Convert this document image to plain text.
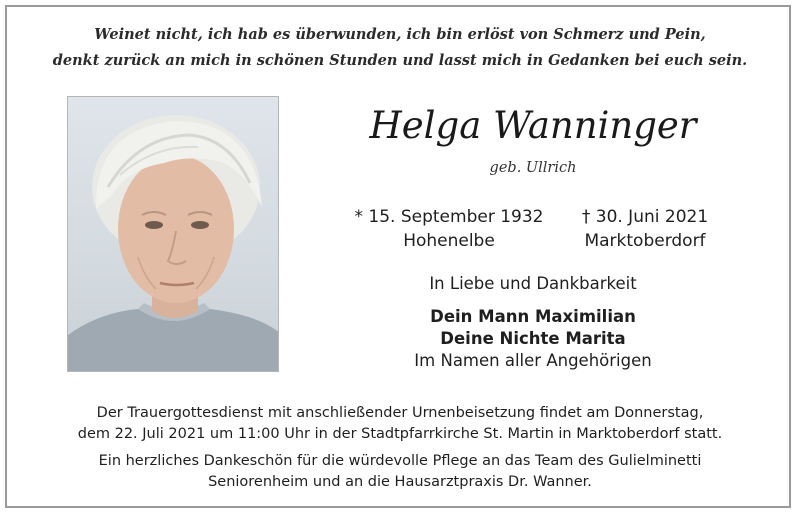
Weinet nicht, ich hab es überwunden, ich bin erlöst von Schmerz und Pein,
denkt zurück an mich in schönen Stunden und lasst mich in Gedanken bei euch sein.
Helga Wanninger
geb. Ullrich
* 15. September 1932
Hohenelbe
† 30. Juni 2021
Marktoberdorf
In Liebe und Dankbarkeit
Dein Mann Maximilian
Deine Nichte Marita
Im Namen aller Angehörigen
Der Trauergottesdienst mit anschließender Urnenbeisetzung findet am Donnerstag,
dem 22. Juli 2021 um 11:00 Uhr in der Stadtpfarrkirche St. Martin in Marktoberdorf statt.
Ein herzliches Dankeschön für die würdevolle Pflege an das Team des Gulielminetti
Seniorenheim und an die Hausarztpraxis Dr. Wanner.
